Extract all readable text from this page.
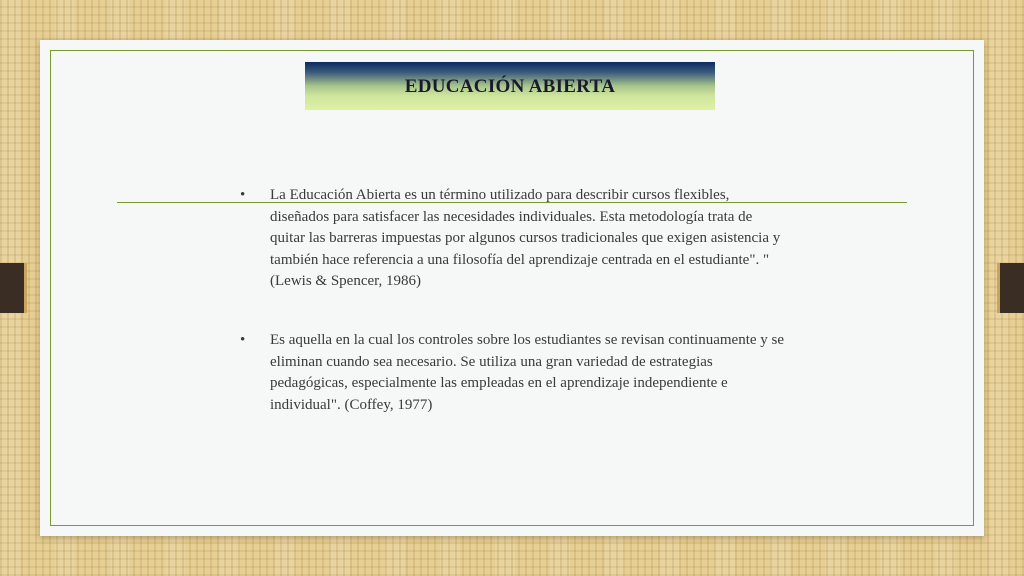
EDUCACIÓN ABIERTA
•	La Educación Abierta es un término utilizado para describir cursos flexibles, diseñados para satisfacer las necesidades individuales. Esta metodología trata de quitar las barreras impuestas por algunos cursos tradicionales que exigen asistencia y también hace referencia a una filosofía del aprendizaje centrada en el estudiante". " (Lewis & Spencer, 1986)
•	Es aquella en la cual los controles sobre los estudiantes se revisan continuamente y se eliminan cuando sea necesario. Se utiliza una gran variedad de estrategias pedagógicas, especialmente las empleadas en el aprendizaje independiente e individual". (Coffey, 1977)
